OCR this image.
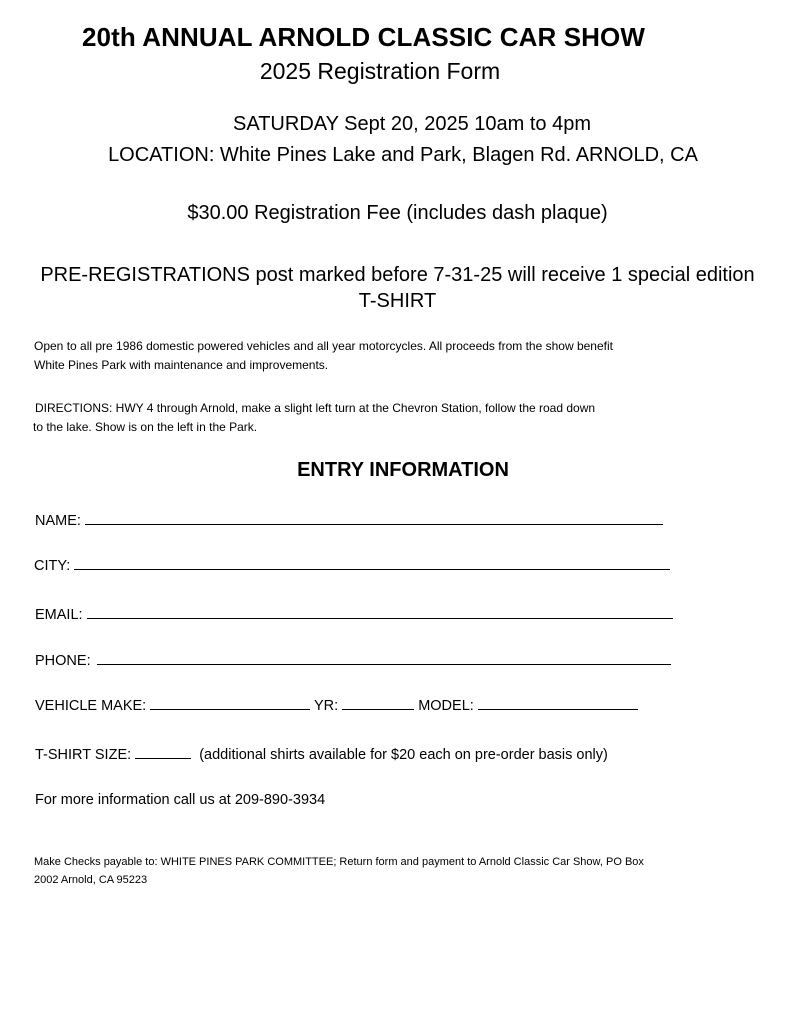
20th ANNUAL ARNOLD CLASSIC CAR SHOW
2025 Registration Form
SATURDAY Sept 20, 2025 10am to 4pm
LOCATION: White Pines Lake and Park, Blagen Rd. ARNOLD, CA
$30.00 Registration Fee (includes dash plaque)
PRE-REGISTRATIONS post marked before 7-31-25 will receive 1 special edition T-SHIRT
Open to all pre 1986 domestic powered vehicles and all year motorcycles. All proceeds from the show benefit
White Pines Park with maintenance and improvements.
DIRECTIONS: HWY 4 through Arnold, make a slight left turn at the Chevron Station, follow the road down
to the lake. Show is on the left in the Park.
ENTRY INFORMATION
NAME:
CITY:
EMAIL:
PHONE:
VEHICLE MAKE:	YR:	MODEL:
T-SHIRT SIZE:	(additional shirts available for $20 each on pre-order basis only)
For more information call us at 209-890-3934
Make Checks payable to: WHITE PINES PARK COMMITTEE; Return form and payment to Arnold Classic Car Show, PO Box
2002 Arnold, CA 95223
